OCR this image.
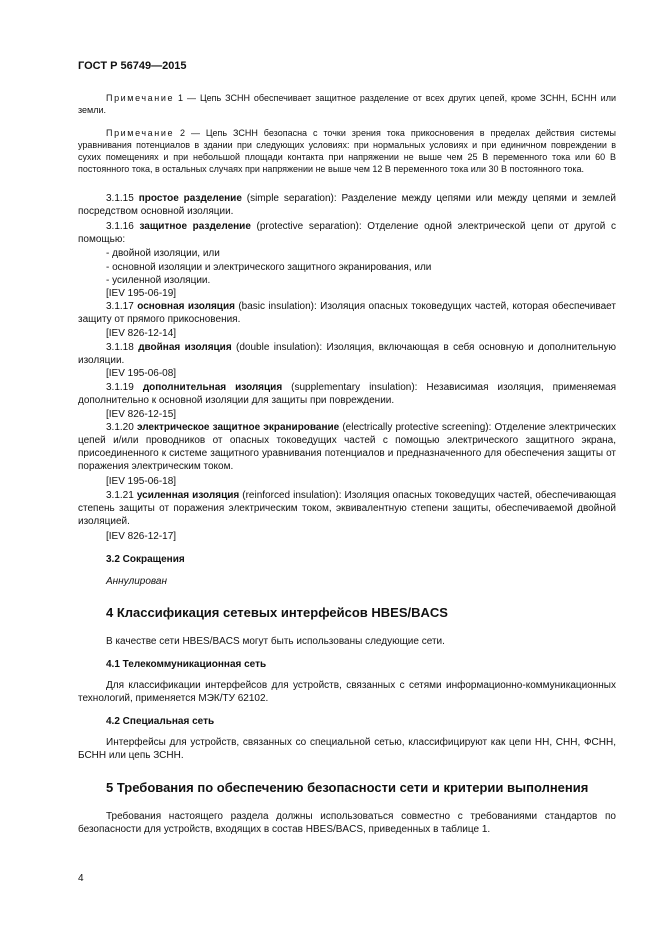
ГОСТ Р 56749—2015
Примечание 1 — Цепь ЗСНН обеспечивает защитное разделение от всех других цепей, кроме ЗСНН, БСНН или земли.
Примечание 2 — Цепь ЗСНН безопасна с точки зрения тока прикосновения в пределах действия системы уравнивания потенциалов в здании при следующих условиях: при нормальных условиях и при единичном повреждении в сухих помещениях и при небольшой площади контакта при напряжении не выше чем 25 В переменного тока или 60 В постоянного тока, в остальных случаях при напряжении не выше чем 12 В переменного тока или 30 В постоянного тока.
3.1.15 простое разделение (simple separation): Разделение между цепями или между цепями и землей посредством основной изоляции.
3.1.16 защитное разделение (protective separation): Отделение одной электрической цепи от другой с помощью:
- двойной изоляции, или
- основной изоляции и электрического защитного экранирования, или
- усиленной изоляции.
[IEV 195-06-19]
3.1.17 основная изоляция (basic insulation): Изоляция опасных токоведущих частей, которая обеспечивает защиту от прямого прикосновения.
[IEV 826-12-14]
3.1.18 двойная изоляция (double insulation): Изоляция, включающая в себя основную и дополнительную изоляции.
[IEV 195-06-08]
3.1.19 дополнительная изоляция (supplementary insulation): Независимая изоляция, применяемая дополнительно к основной изоляции для защиты при повреждении.
[IEV 826-12-15]
3.1.20 электрическое защитное экранирование (electrically protective screening): Отделение электрических цепей и/или проводников от опасных токоведущих частей с помощью электрического защитного экрана, присоединенного к системе защитного уравнивания потенциалов и предназначенного для обеспечения защиты от поражения электрическим током.
[IEV 195-06-18]
3.1.21 усиленная изоляция (reinforced insulation): Изоляция опасных токоведущих частей, обеспечивающая степень защиты от поражения электрическим током, эквивалентную степени защиты, обеспечиваемой двойной изоляцией.
[IEV 826-12-17]
3.2 Сокращения
Аннулирован
4 Классификация сетевых интерфейсов HBES/BACS
В качестве сети HBES/BACS могут быть использованы следующие сети.
4.1 Телекоммуникационная сеть
Для классификации интерфейсов для устройств, связанных с сетями информационно-коммуникационных технологий, применяется МЭК/ТУ 62102.
4.2 Специальная сеть
Интерфейсы для устройств, связанных со специальной сетью, классифицируют как цепи НН, СНН, ФСНН, БСНН или цепь ЗСНН.
5 Требования по обеспечению безопасности сети и критерии выполнения
Требования настоящего раздела должны использоваться совместно с требованиями стандартов по безопасности для устройств, входящих в состав HBES/BACS, приведенных в таблице 1.
4
